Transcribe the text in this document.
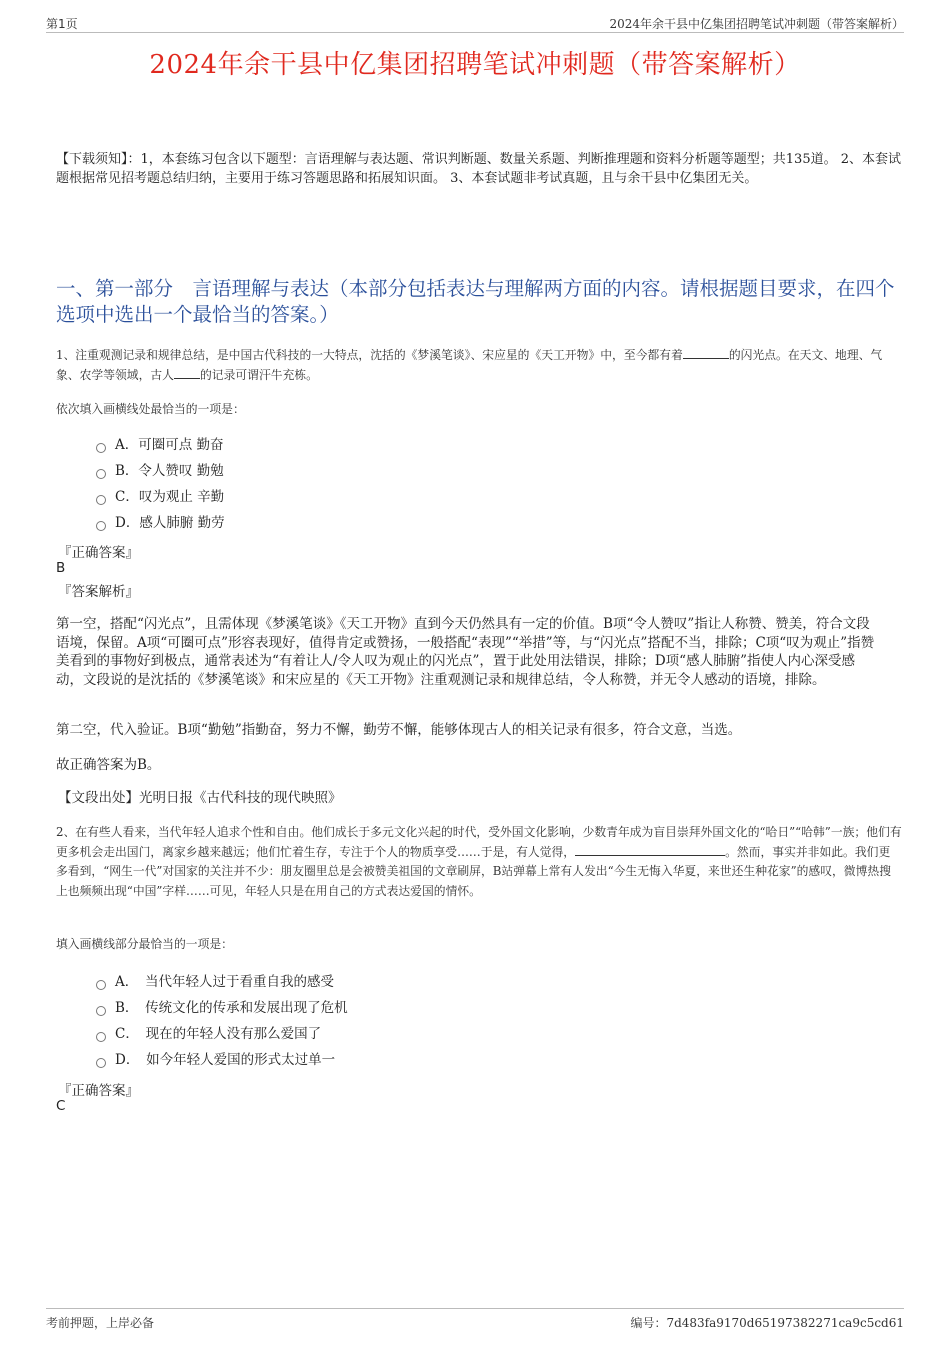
第1页	2024年余干县中亿集团招聘笔试冲刺题（带答案解析）
2024年余干县中亿集团招聘笔试冲刺题（带答案解析）
【下载须知】：1，本套练习包含以下题型：言语理解与表达题、常识判断题、数量关系题、判断推理题和资料分析题等题型；共135道。 2、本套试题根据常见招考题总结归纳，主要用于练习答题思路和拓展知识面。 3、本套试题非考试真题，且与余干县中亿集团无关。
一、第一部分　言语理解与表达（本部分包括表达与理解两方面的内容。请根据题目要求，在四个选项中选出一个最恰当的答案。）
1、注重观测记录和规律总结，是中国古代科技的一大特点，沈括的《梦溪笔谈》、宋应星的《天工开物》中，至今都有着	的闪光点。在天文、地理、气象、农学等领域，古人 的记录可谓汗牛充栋。
依次填入画横线处最恰当的一项是：
A．可圈可点 勤奋
B．令人赞叹 勤勉
C．叹为观止 辛勤
D．感人肺腑 勤劳
『正确答案』
B
『答案解析』
第一空，搭配“闪光点”，且需体现《梦溪笔谈》《天工开物》直到今天仍然具有一定的价值。B项“令人赞叹”指让人称赞、赞美，符合文段语境，保留。A项“可圈可点”形容表现好，值得肯定或赞扬，一般搭配“表现”“举措”等，与“闪光点”搭配不当，排除；C项“叹为观止”指赞美看到的事物好到极点，通常表述为“有着让人/令人叹为观止的闪光点”，置于此处用法错误，排除；D项“感人肺腑”指使人内心深受感动，文段说的是沈括的《梦溪笔谈》和宋应星的《天工开物》注重观测记录和规律总结，令人称赞，并无令人感动的语境，排除。
第二空，代入验证。B项“勤勉”指勤奋，努力不懈，勤劳不懈，能够体现古人的相关记录有很多，符合文意，当选。
故正确答案为B。
【文段出处】光明日报《古代科技的现代映照》
2、在有些人看来，当代年轻人追求个性和自由。他们成长于多元文化兴起的时代，受外国文化影响，少数青年成为盲目崇拜外国文化的“哈日”“哈韩”一族；他们有更多机会走出国门，离家乡越来越远；他们忙着生存，专注于个人的物质享受……于是，有人觉得，	。然而，事实并非如此。我们更多看到，“网生一代”对国家的关注并不少：朋友圈里总是会被赞美祖国的文章刷屏，B站弹幕上常有人发出“今生无悔入华夏，来世还生种花家”的感叹，微博热搜上也频频出现“中国”字样……可见，年轻人只是在用自己的方式表达爱国的情怀。
填入画横线部分最恰当的一项是：
A．　当代年轻人过于看重自我的感受
B．　传统文化的传承和发展出现了危机
C．　现在的年轻人没有那么爱国了
D．　如今年轻人爱国的形式太过单一
『正确答案』
C
考前押题，上岸必备	编号：7d483fa9170d65197382271ca9c5cd61
